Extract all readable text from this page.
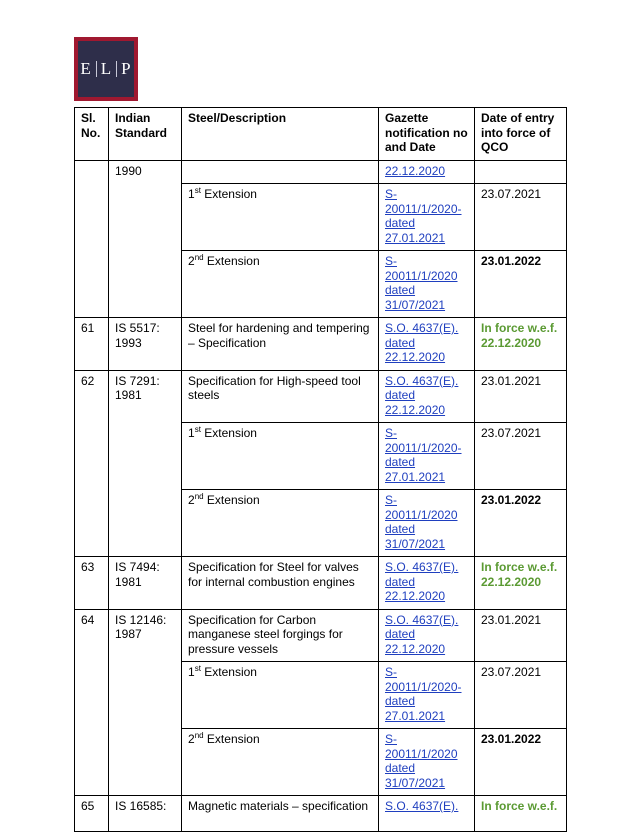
E L P
Sl. No.	Indian Standard	Steel/Description	Gazette notification no and Date	Date of entry into force of QCO
	1990		22.12.2020	
		1st Extension	S-20011/1/2020-dated 27.01.2021	23.07.2021
		2nd Extension	S-20011/1/2020 dated 31/07/2021	23.01.2022
61	IS 5517: 1993	Steel for hardening and tempering – Specification	S.O. 4637(E). dated 22.12.2020	In force w.e.f. 22.12.2020
62	IS 7291: 1981	Specification for High-speed tool steels	S.O. 4637(E). dated 22.12.2020	23.01.2021
		1st Extension	S-20011/1/2020-dated 27.01.2021	23.07.2021
		2nd Extension	S-20011/1/2020 dated 31/07/2021	23.01.2022
63	IS 7494: 1981	Specification for Steel for valves for internal combustion engines	S.O. 4637(E). dated 22.12.2020	In force w.e.f. 22.12.2020
64	IS 12146: 1987	Specification for Carbon manganese steel forgings for pressure vessels	S.O. 4637(E). dated 22.12.2020	23.01.2021
		1st Extension	S-20011/1/2020-dated 27.01.2021	23.07.2021
		2nd Extension	S-20011/1/2020 dated 31/07/2021	23.01.2022
65	IS 16585:	Magnetic materials – specification	S.O. 4637(E).	In force w.e.f.
